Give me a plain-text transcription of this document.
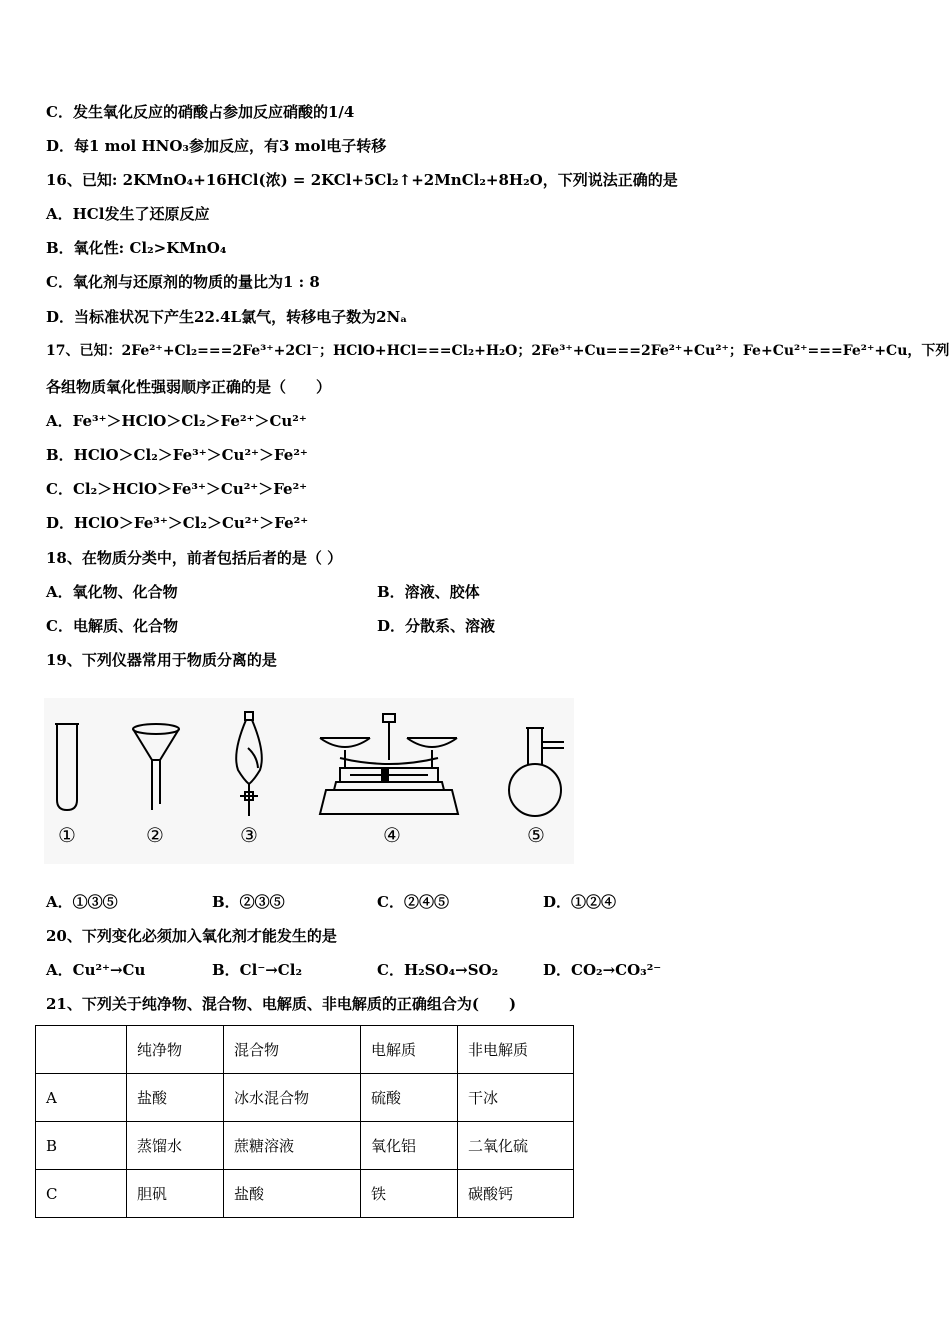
C．发生氧化反应的硝酸占参加反应硝酸的1/4
D．每1 mol HNO₃参加反应，有3 mol电子转移
16、已知: 2KMnO₄+16HCl(浓) = 2KCl+5Cl₂↑+2MnCl₂+8H₂O，下列说法正确的是
A．HCl发生了还原反应
B．氧化性: Cl₂>KMnO₄
C．氧化剂与还原剂的物质的量比为1 : 8
D．当标准状况下产生22.4L氯气，转移电子数为2Nₐ
17、已知：2Fe²⁺+Cl₂===2Fe³⁺+2Cl⁻；HClO+HCl===Cl₂+H₂O；2Fe³⁺+Cu===2Fe²⁺+Cu²⁺；Fe+Cu²⁺===Fe²⁺+Cu，下列
各组物质氧化性强弱顺序正确的是（　　）
A．Fe³⁺＞HClO＞Cl₂＞Fe²⁺＞Cu²⁺
B．HClO＞Cl₂＞Fe³⁺＞Cu²⁺＞Fe²⁺
C．Cl₂＞HClO＞Fe³⁺＞Cu²⁺＞Fe²⁺
D．HClO＞Fe³⁺＞Cl₂＞Cu²⁺＞Fe²⁺
18、在物质分类中，前者包括后者的是（ ）
A．氧化物、化合物	B．溶液、胶体
C．电解质、化合物	D．分散系、溶液
19、下列仪器常用于物质分离的是
①	②	③	④	⑤
A．①③⑤	B．②③⑤	C．②④⑤	D．①②④
20、下列变化必须加入氧化剂才能发生的是
A．Cu²⁺→Cu	B．Cl⁻→Cl₂	C．H₂SO₄→SO₂	D．CO₂→CO₃²⁻
21、下列关于纯净物、混合物、电解质、非电解质的正确组合为(　　)
	纯净物	混合物	电解质	非电解质
A	盐酸	冰水混合物	硫酸	干冰
B	蒸馏水	蔗糖溶液	氧化铝	二氧化硫
C	胆矾	盐酸	铁	碳酸钙
